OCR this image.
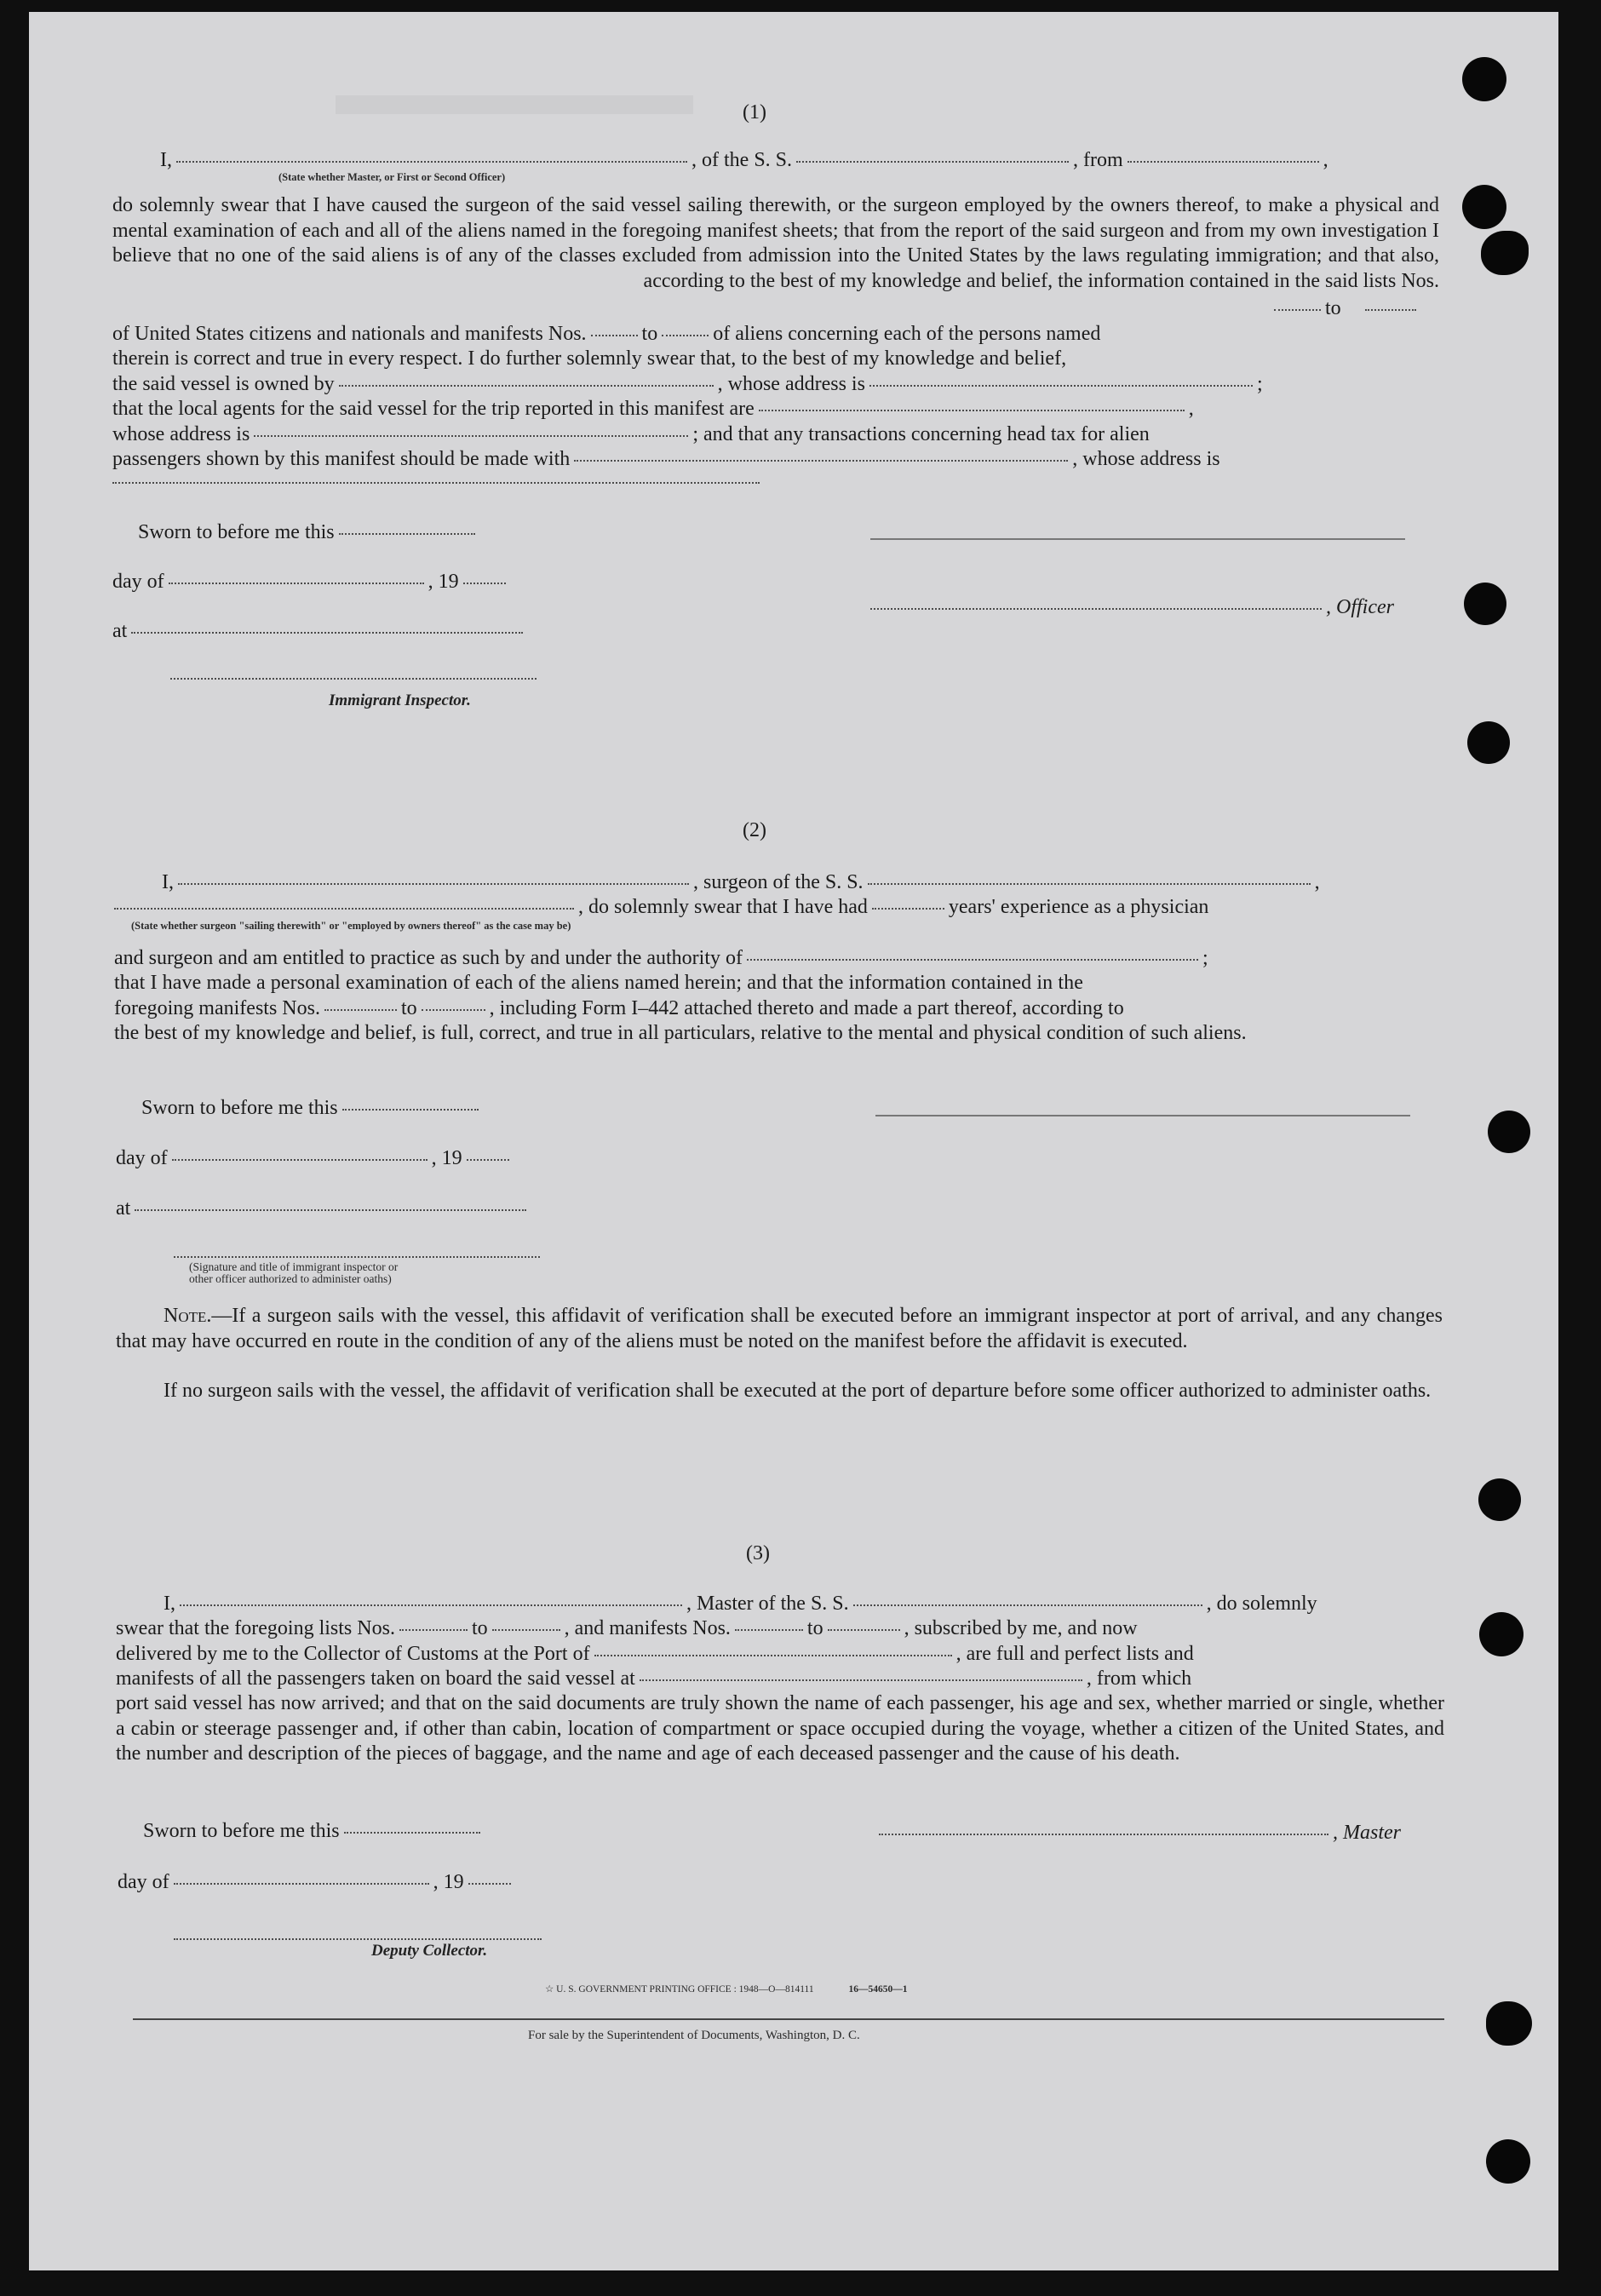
(1)

I,	, of the S. S.	, from	,

(State whether Master, or First or Second Officer)

do solemnly swear that I have caused the surgeon of the said vessel sailing therewith, or the surgeon employed by the owners thereof, to make a physical and mental examination of each and all of the aliens named in the foregoing manifest sheets; that from the report of the said surgeon and from my own investigation I believe that no one of the said aliens is of any of the classes excluded from admission into the United States by the laws regulating immigration; and that also, according to the best of my knowledge and belief, the information contained in the said lists Nos.

to

of United States citizens and nationals and manifests Nos.	to	of aliens concerning each of the persons named

therein is correct and true in every respect. I do further solemnly swear that, to the best of my knowledge and belief,

the said vessel is owned by	, whose address is	;

that the local agents for the said vessel for the trip reported in this manifest are	,

whose address is	; and that any transactions concerning head tax for alien

passengers shown by this manifest should be made with	, whose address is

Sworn to before me this

day of	, 19

, Officer

at

Immigrant Inspector.

(2)

I,	, surgeon of the S. S.	,

, do solemnly swear that I have had	years' experience as a physician

(State whether surgeon "sailing therewith" or "employed by owners thereof" as the case may be)

and surgeon and am entitled to practice as such by and under the authority of	;

that I have made a personal examination of each of the aliens named herein; and that the information contained in the

foregoing manifests Nos.	to	, including Form I–442 attached thereto and made a part thereof, according to

the best of my knowledge and belief, is full, correct, and true in all particulars, relative to the mental and physical condition of such aliens.

Sworn to before me this

day of	, 19

at

(Signature and title of immigrant inspector or

other officer authorized to administer oaths)

Note.—If a surgeon sails with the vessel, this affidavit of verification shall be executed before an immigrant inspector at port of arrival, and any changes that may have occurred en route in the condition of any of the aliens must be noted on the manifest before the affidavit is executed.

If no surgeon sails with the vessel, the affidavit of verification shall be executed at the port of departure before some officer authorized to administer oaths.

(3)

I,	, Master of the S. S.	, do solemnly

swear that the foregoing lists Nos.	to	, and manifests Nos.	to	, subscribed by me, and now

delivered by me to the Collector of Customs at the Port of	, are full and perfect lists and

manifests of all the passengers taken on board the said vessel at	, from which

port said vessel has now arrived; and that on the said documents are truly shown the name of each passenger, his age and sex, whether married or single, whether a cabin or steerage passenger and, if other than cabin, location of compartment or space occupied during the voyage, whether a citizen of the United States, and the number and description of the pieces of baggage, and the name and age of each deceased passenger and the cause of his death.

Sworn to before me this	, Master

day of	, 19

Deputy Collector.

☆ U. S. GOVERNMENT PRINTING OFFICE : 1948—O—814111	16—54650—1

For sale by the Superintendent of Documents, Washington, D. C.
